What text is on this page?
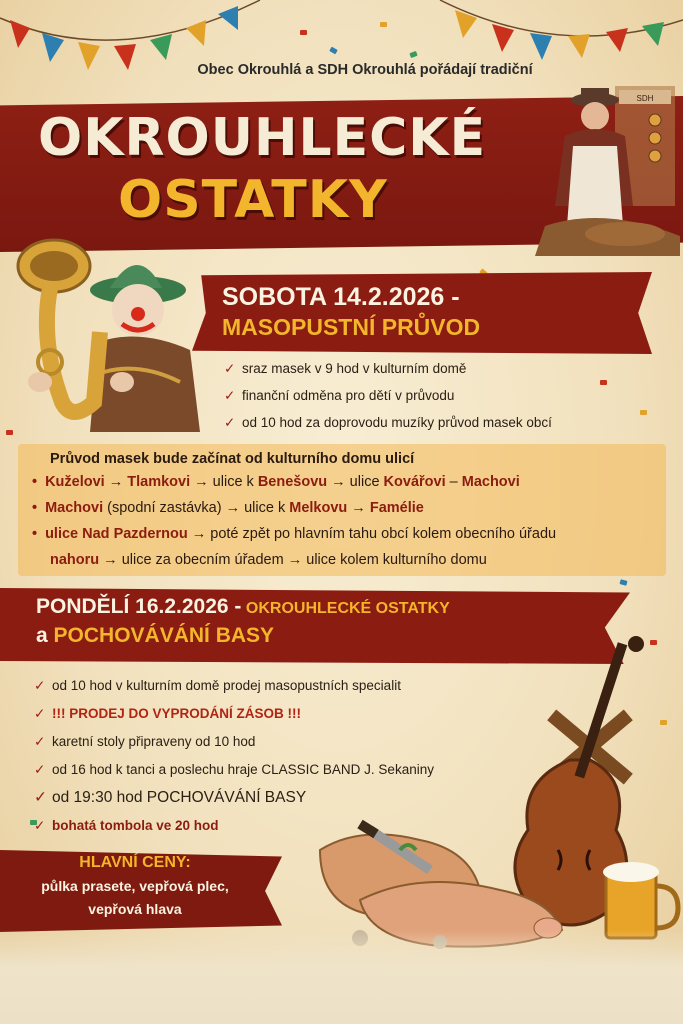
Obec Okrouhlá a SDH Okrouhlá pořádají tradiční
OKROUHLECKÉ
OSTATKY
SDH
SOBOTA 14.2.2026 -
MASOPUSTNÍ PRŮVOD
✓ sraz masek v 9 hod v kulturním domě
✓ finanční odměna pro dětí v průvodu
✓ od 10 hod za doprovodu muzíky průvod masek obcí
Průvod masek bude začínat od kulturního domu ulicí
• Kuželovi → Tlamkovi → ulice k Benešovu → ulice Kovářovi – Machovi
• Machovi (spodní zastávka) → ulice k Melkovu → Famélie
• ulice Nad Pazdernou → poté zpět po hlavním tahu obcí kolem obecního úřadu
nahoru → ulice za obecním úřadem → ulice kolem kulturního domu
PONDĚLÍ 16.2.2026 - OKROUHLECKÉ OSTATKY
a POCHOVÁVÁNÍ BASY
✓ od 10 hod v kulturním domě prodej masopustních specialit
✓ !!! PRODEJ DO VYPRODÁNÍ ZÁSOB !!!
✓ karetní stoly připraveny od 10 hod
✓ od 16 hod k tanci a poslechu hraje CLASSIC BAND J. Sekaniny
✓ od 19:30 hod POCHOVÁVÁNÍ BASY
✓ bohatá tombola ve 20 hod
HLAVNÍ CENY:
půlka prasete, vepřová plec,
vepřová hlava
